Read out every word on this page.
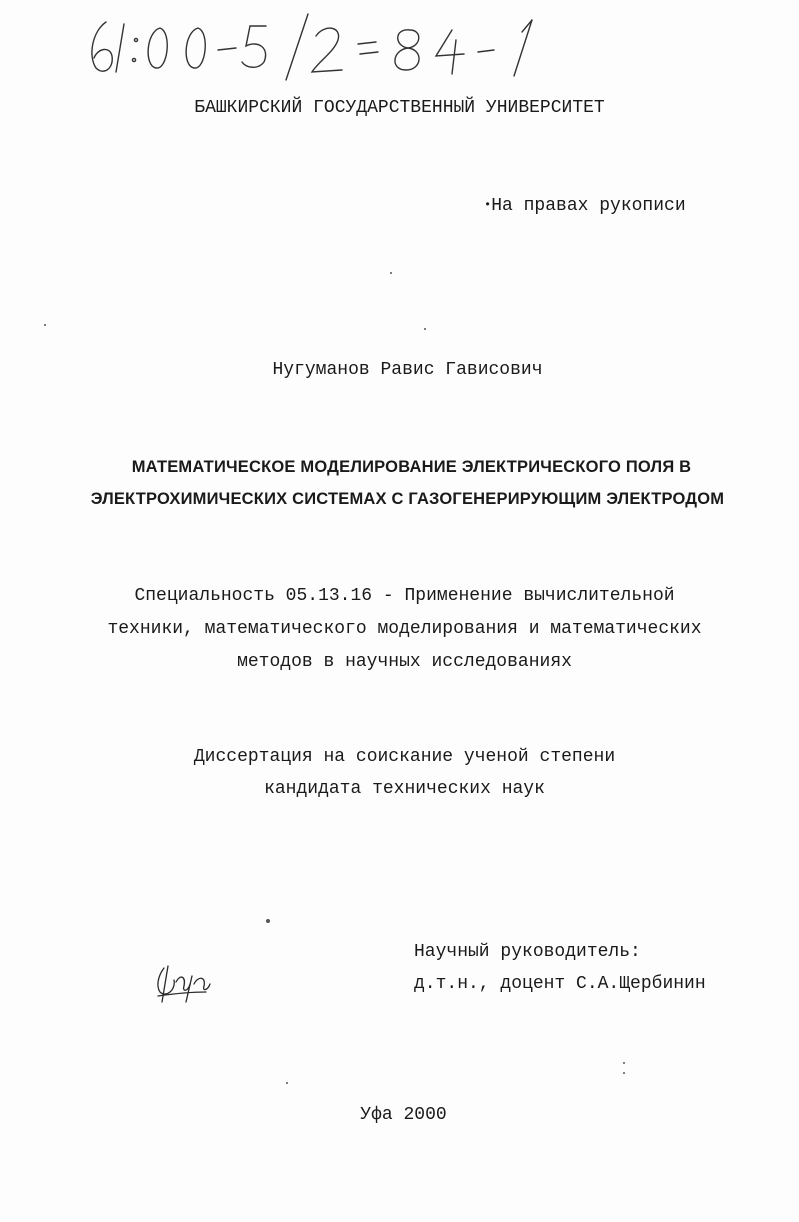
БАШКИРСКИЙ ГОСУДАРСТВЕННЫЙ УНИВЕРСИТЕТ
•На правах рукописи
Нугуманов Равис Гависович
МАТЕМАТИЧЕСКОЕ МОДЕЛИРОВАНИЕ ЭЛЕКТРИЧЕСКОГО ПОЛЯ В
ЭЛЕКТРОХИМИЧЕСКИХ СИСТЕМАХ С ГАЗОГЕНЕРИРУЮЩИМ ЭЛЕКТРОДОМ
Специальность 05.13.16 - Применение вычислительной
техники, математического моделирования и математических
методов в научных исследованиях
Диссертация на соискание ученой степени
кандидата технических наук
Научный руководитель:
д.т.н., доцент С.А.Щербинин
Уфа 2000
